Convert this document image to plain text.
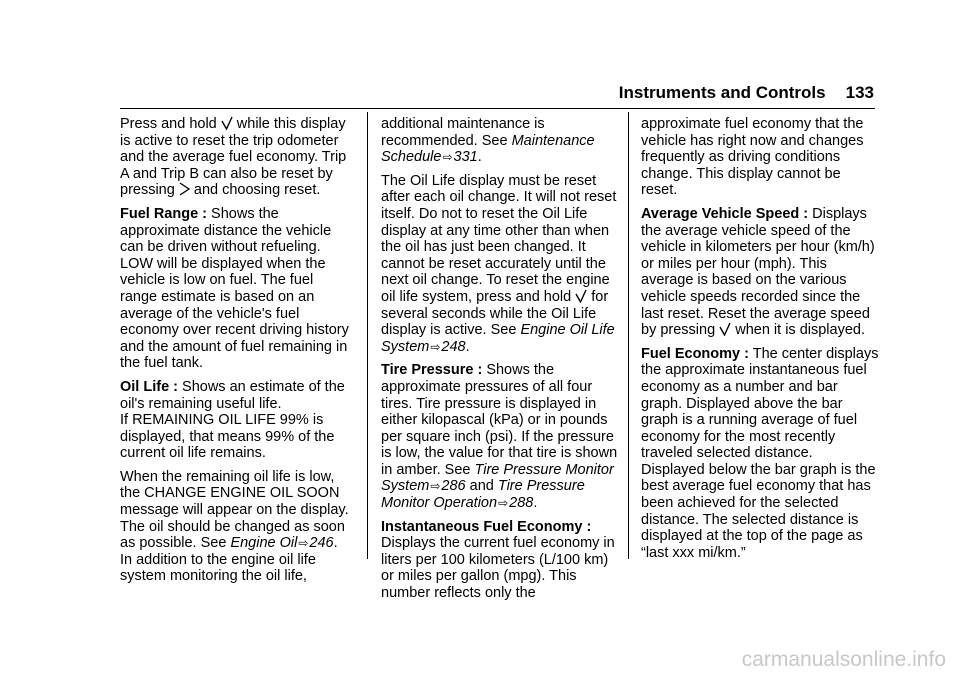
Instruments and Controls 133

Press and hold while this display is active to reset the trip odometer and the average fuel economy. Trip A and Trip B can also be reset by pressing and choosing reset.

Fuel Range : Shows the approximate distance the vehicle can be driven without refueling. LOW will be displayed when the vehicle is low on fuel. The fuel range estimate is based on an average of the vehicle's fuel economy over recent driving history and the amount of fuel remaining in the fuel tank.

Oil Life : Shows an estimate of the oil's remaining useful life.
If REMAINING OIL LIFE 99% is displayed, that means 99% of the current oil life remains.

When the remaining oil life is low, the CHANGE ENGINE OIL SOON message will appear on the display. The oil should be changed as soon as possible. See Engine Oil⇨246.
In addition to the engine oil life system monitoring the oil life,

additional maintenance is recommended. See Maintenance Schedule⇨331.

The Oil Life display must be reset after each oil change. It will not reset itself. Do not to reset the Oil Life display at any time other than when the oil has just been changed. It cannot be reset accurately until the next oil change. To reset the engine oil life system, press and hold for several seconds while the Oil Life display is active. See Engine Oil Life System⇨248.

Tire Pressure : Shows the approximate pressures of all four tires. Tire pressure is displayed in either kilopascal (kPa) or in pounds per square inch (psi). If the pressure is low, the value for that tire is shown in amber. See Tire Pressure Monitor System⇨286 and Tire Pressure Monitor Operation⇨288.

Instantaneous Fuel Economy :
Displays the current fuel economy in liters per 100 kilometers (L/100 km) or miles per gallon (mpg). This number reflects only the

approximate fuel economy that the vehicle has right now and changes frequently as driving conditions change. This display cannot be reset.

Average Vehicle Speed : Displays the average vehicle speed of the vehicle in kilometers per hour (km/h) or miles per hour (mph). This average is based on the various vehicle speeds recorded since the last reset. Reset the average speed by pressing when it is displayed.

Fuel Economy : The center displays the approximate instantaneous fuel economy as a number and bar graph. Displayed above the bar graph is a running average of fuel economy for the most recently traveled selected distance. Displayed below the bar graph is the best average fuel economy that has been achieved for the selected distance. The selected distance is displayed at the top of the page as “last xxx mi/km.”

carmanualsonline.info
